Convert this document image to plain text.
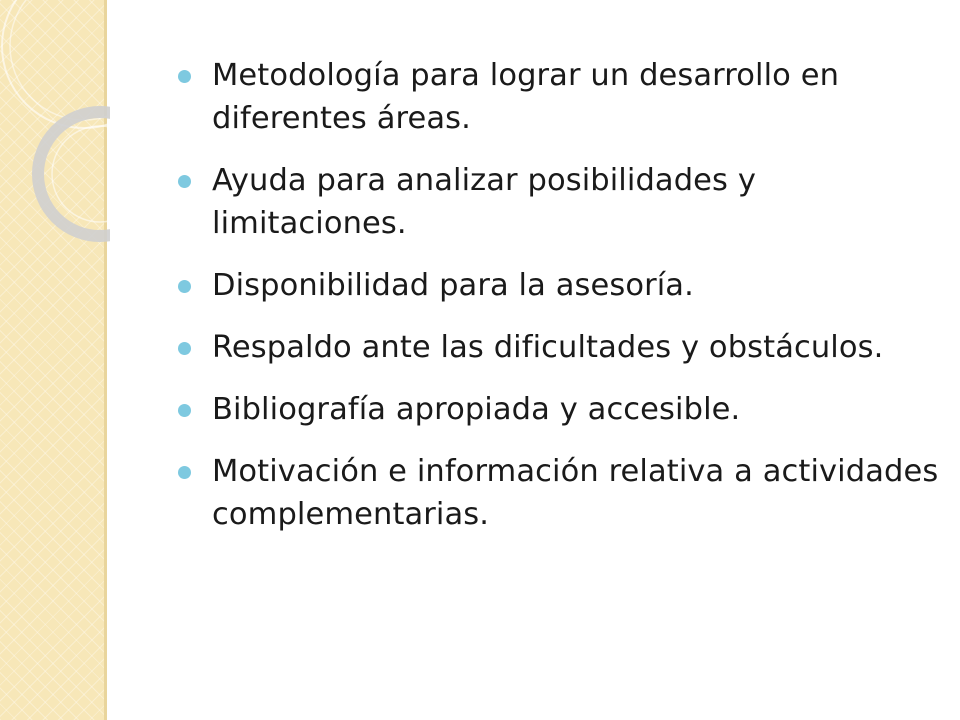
Metodología para lograr un desarrollo en diferentes áreas.
Ayuda para analizar posibilidades y limitaciones.
Disponibilidad para la asesoría.
Respaldo ante las dificultades y obstáculos.
Bibliografía apropiada y accesible.
Motivación e información relativa a actividades complementarias.
